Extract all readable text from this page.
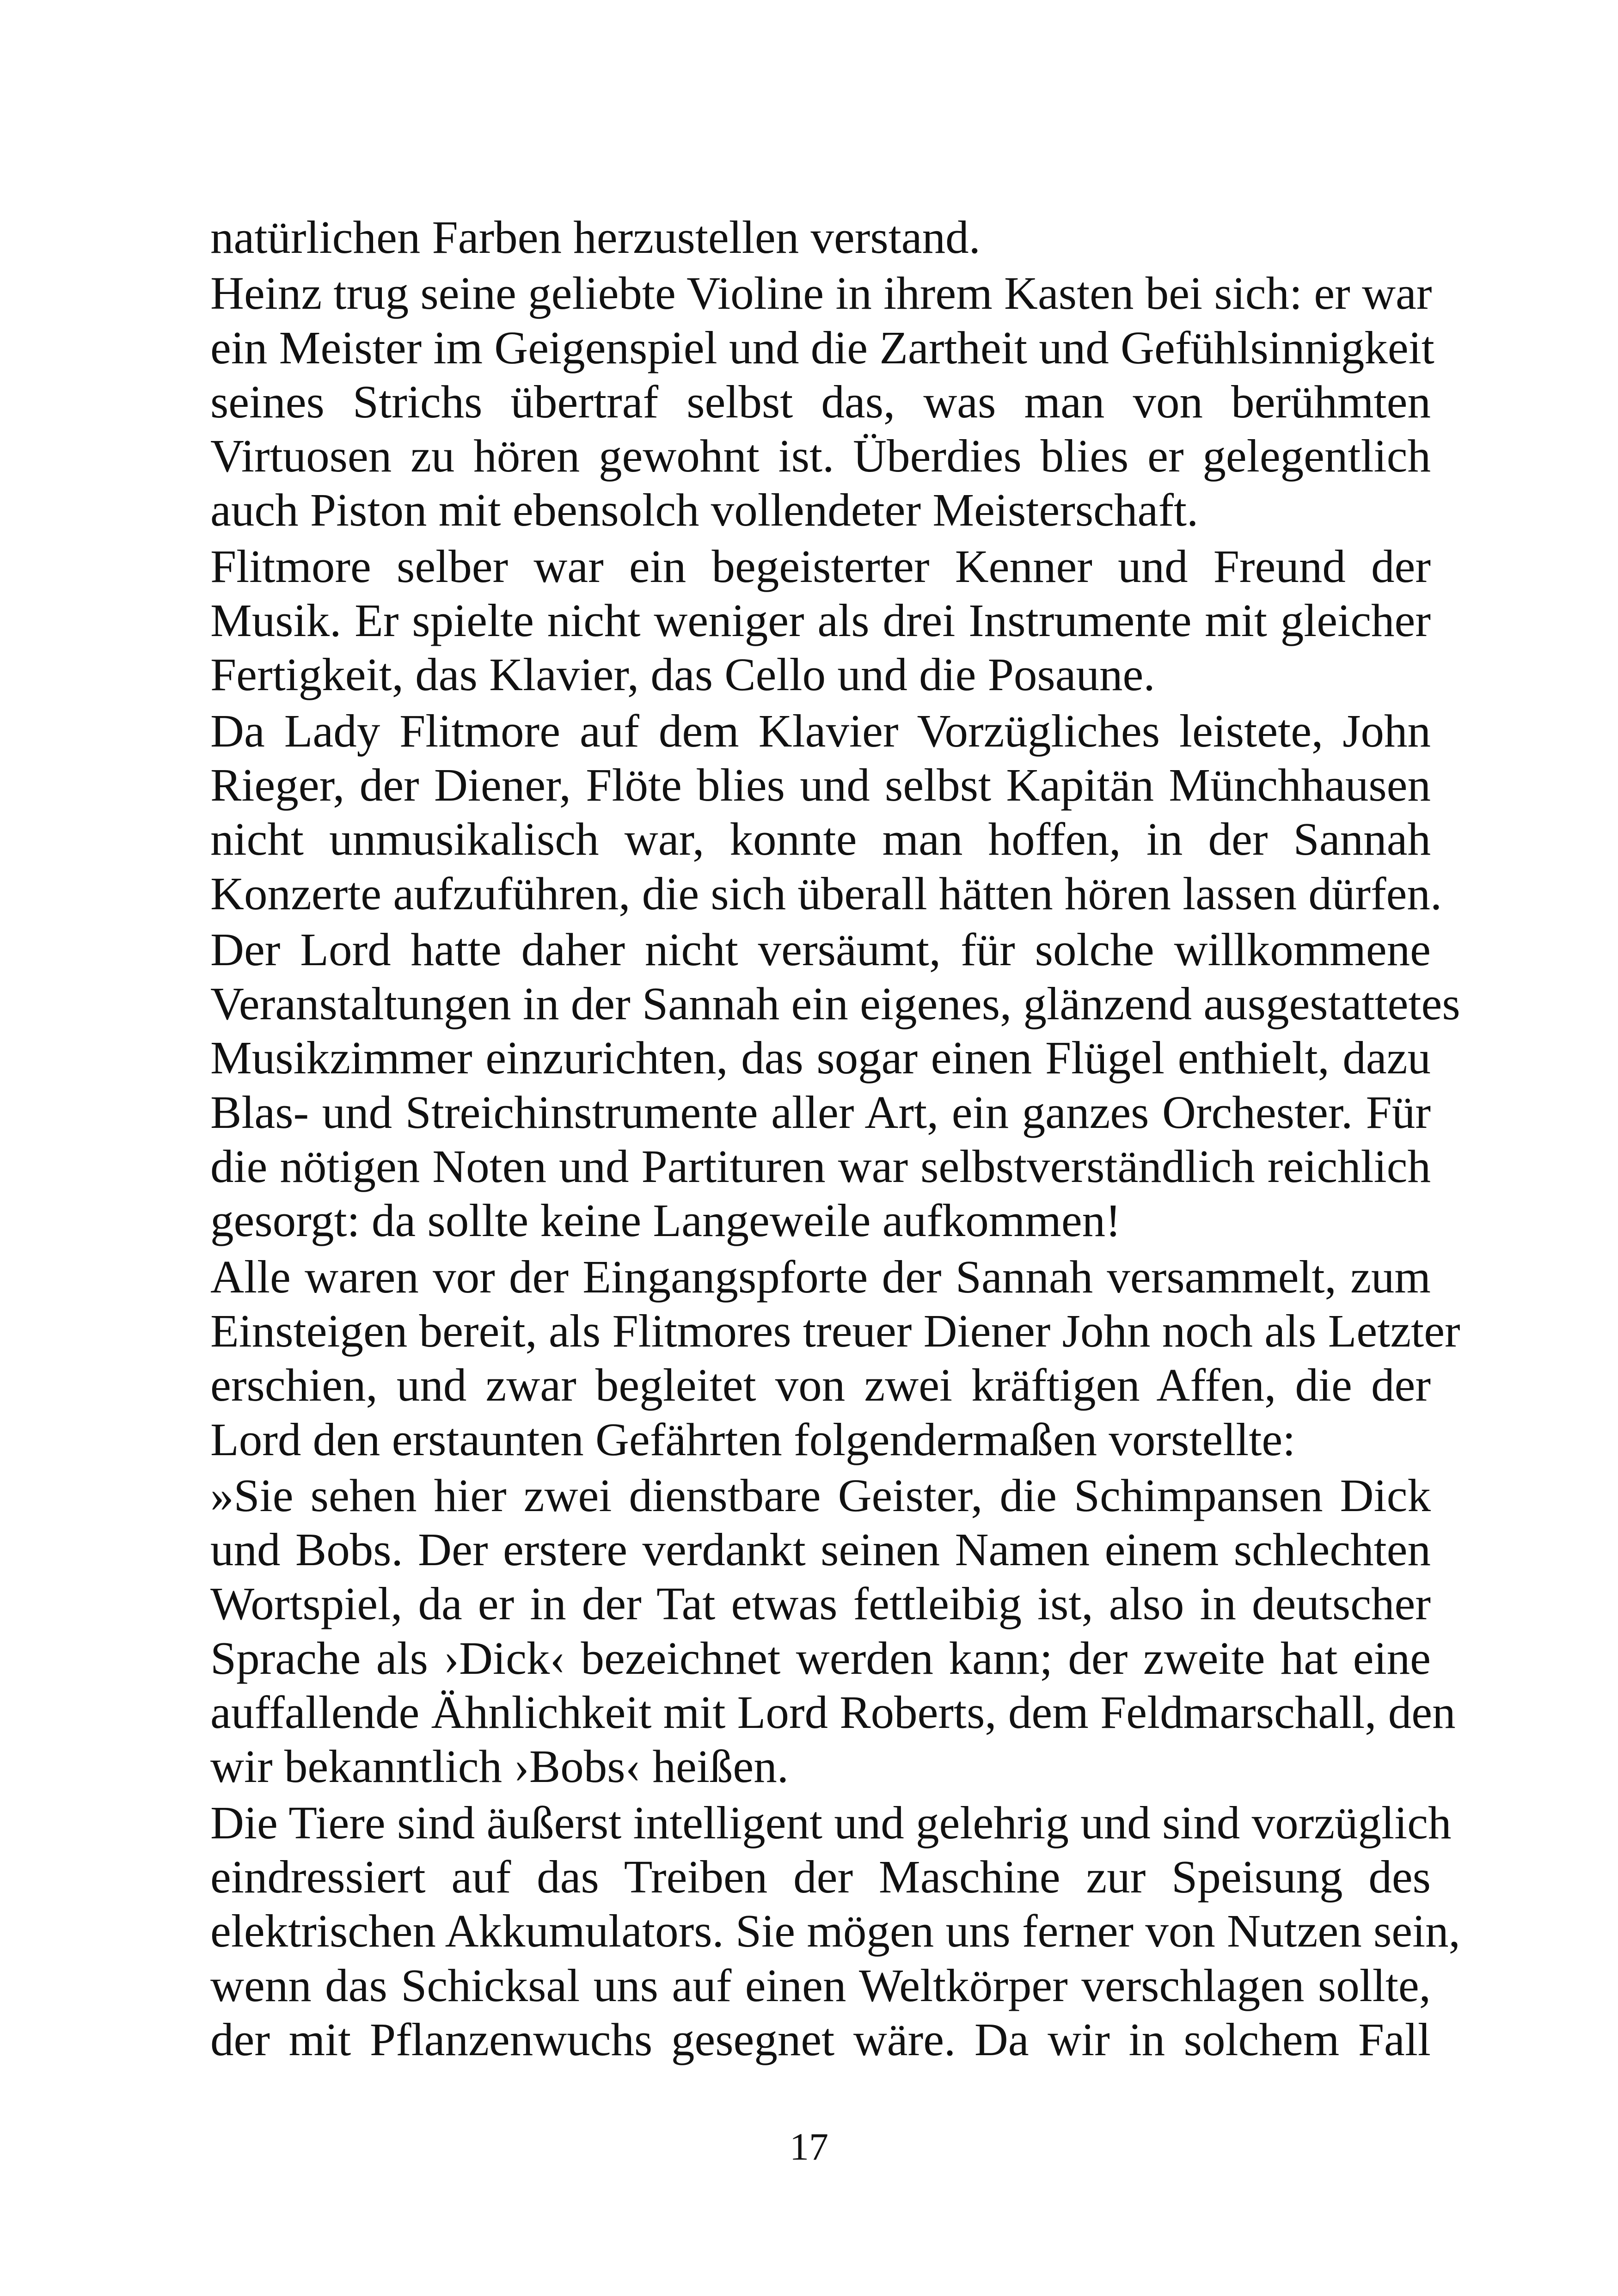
natürlichen Farben herzustellen verstand.
Heinz trug seine geliebte Violine in ihrem Kasten bei sich: er war
ein Meister im Geigenspiel und die Zartheit und Gefühlsinnigkeit
seines Strichs übertraf selbst das, was man von berühmten
Virtuosen zu hören gewohnt ist. Überdies blies er gelegentlich
auch Piston mit ebensolch vollendeter Meisterschaft.
Flitmore selber war ein begeisterter Kenner und Freund der
Musik. Er spielte nicht weniger als drei Instrumente mit gleicher
Fertigkeit, das Klavier, das Cello und die Posaune.
Da Lady Flitmore auf dem Klavier Vorzügliches leistete, John
Rieger, der Diener, Flöte blies und selbst Kapitän Münchhausen
nicht unmusikalisch war, konnte man hoffen, in der Sannah
Konzerte aufzuführen, die sich überall hätten hören lassen dürfen.
Der Lord hatte daher nicht versäumt, für solche willkommene
Veranstaltungen in der Sannah ein eigenes, glänzend ausgestattetes
Musikzimmer einzurichten, das sogar einen Flügel enthielt, dazu
Blas- und Streichinstrumente aller Art, ein ganzes Orchester. Für
die nötigen Noten und Partituren war selbstverständlich reichlich
gesorgt: da sollte keine Langeweile aufkommen!
Alle waren vor der Eingangspforte der Sannah versammelt, zum
Einsteigen bereit, als Flitmores treuer Diener John noch als Letzter
erschien, und zwar begleitet von zwei kräftigen Affen, die der
Lord den erstaunten Gefährten folgendermaßen vorstellte:
»Sie sehen hier zwei dienstbare Geister, die Schimpansen Dick
und Bobs. Der erstere verdankt seinen Namen einem schlechten
Wortspiel, da er in der Tat etwas fettleibig ist, also in deutscher
Sprache als ›Dick‹ bezeichnet werden kann; der zweite hat eine
auffallende Ähnlichkeit mit Lord Roberts, dem Feldmarschall, den
wir bekanntlich ›Bobs‹ heißen.
Die Tiere sind äußerst intelligent und gelehrig und sind vorzüglich
eindressiert auf das Treiben der Maschine zur Speisung des
elektrischen Akkumulators. Sie mögen uns ferner von Nutzen sein,
wenn das Schicksal uns auf einen Weltkörper verschlagen sollte,
der mit Pflanzenwuchs gesegnet wäre. Da wir in solchem Fall
17
